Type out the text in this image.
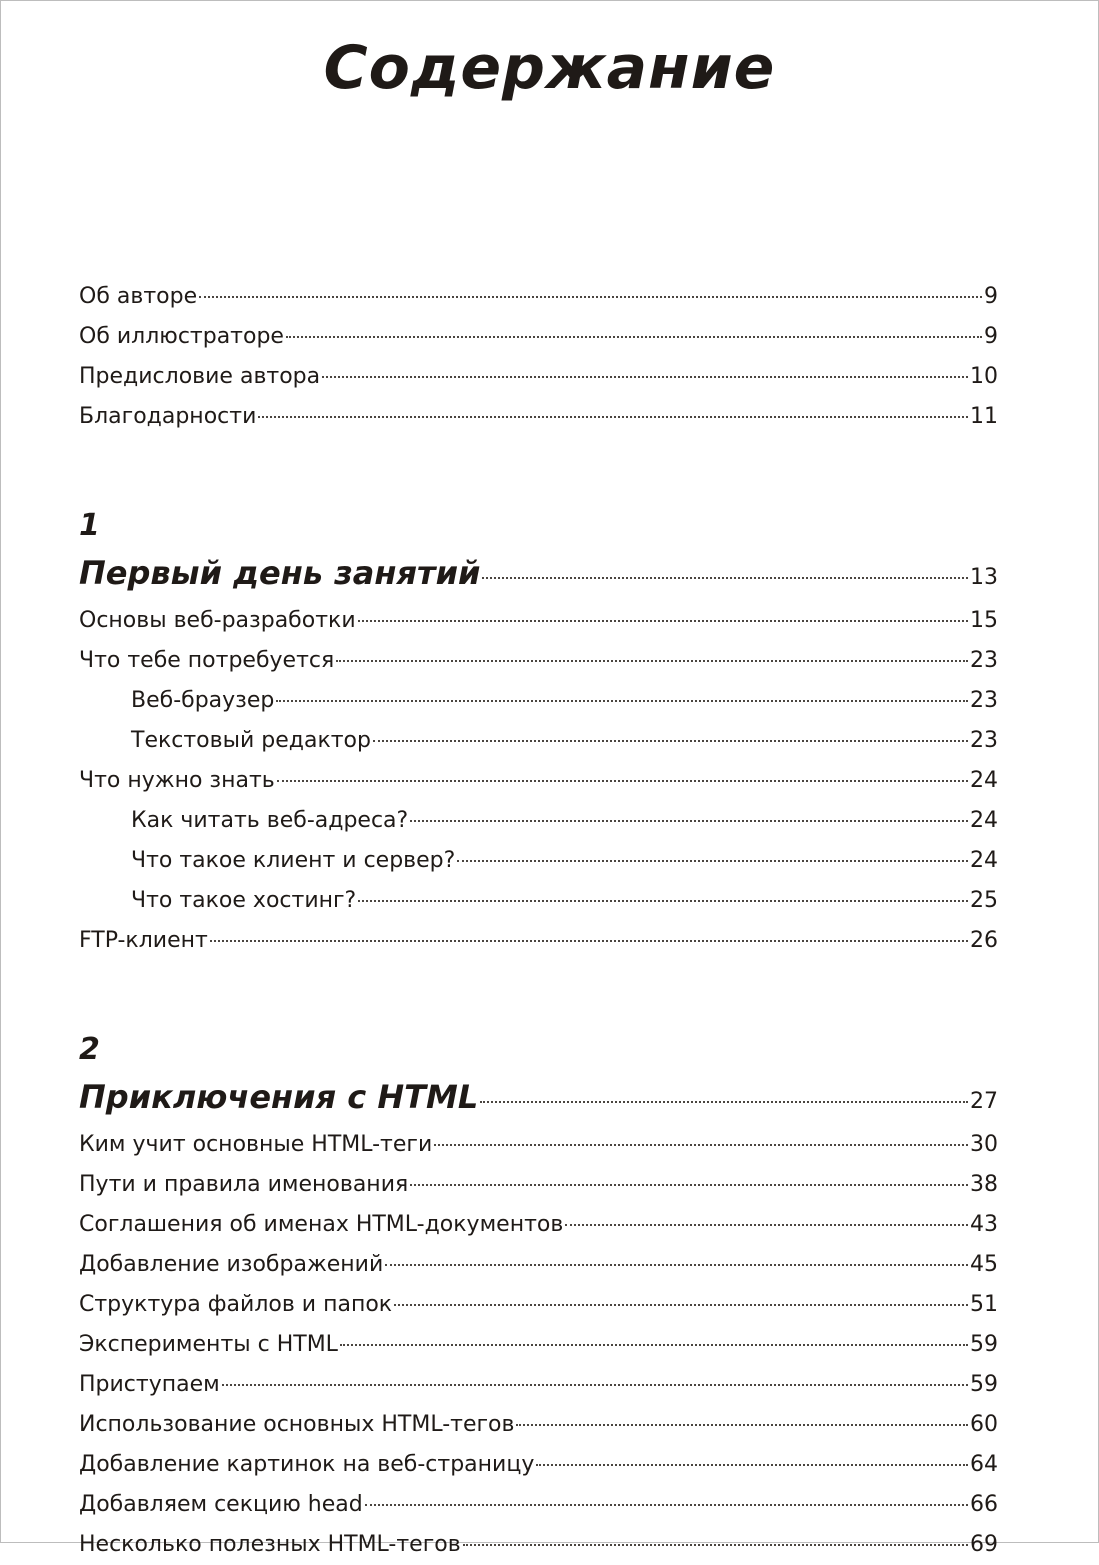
Содержание
Об авторе	9
Об иллюстраторе	9
Предисловие автора	10
Благодарности	11
1
Первый день занятий	13
Основы веб-разработки	15
Что тебе потребуется	23
Веб-браузер	23
Текстовый редактор	23
Что нужно знать	24
Как читать веб-адреса?	24
Что такое клиент и сервер?	24
Что такое хостинг?	25
FTP-клиент	26
2
Приключения с HTML	27
Ким учит основные HTML-теги	30
Пути и правила именования	38
Соглашения об именах HTML-документов	43
Добавление изображений	45
Структура файлов и папок	51
Эксперименты с HTML	59
Приступаем	59
Использование основных HTML-тегов	60
Добавление картинок на веб-страницу	64
Добавляем секцию head	66
Несколько полезных HTML-тегов	69
